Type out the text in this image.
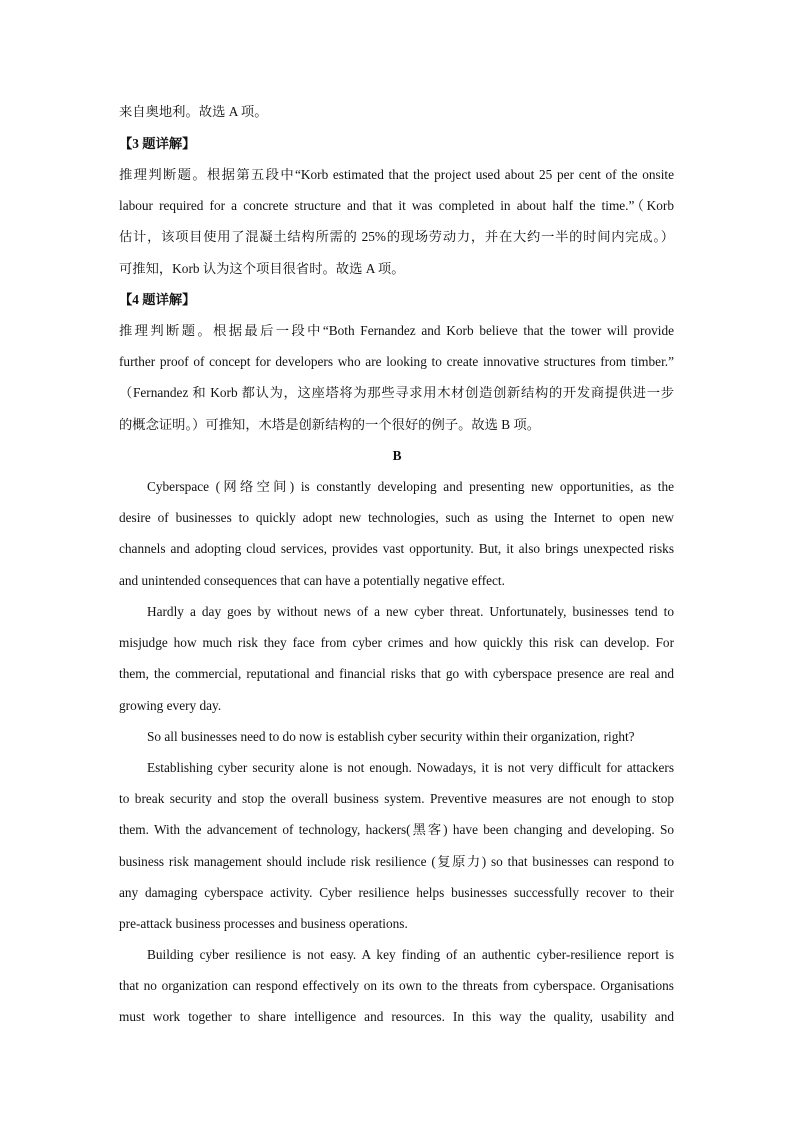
来自奥地利。故选 A 项。
【3 题详解】
推理判断题。根据第五段中“Korb estimated that the project used about 25 per cent of the onsite
labour required for a concrete structure and that it was completed in about half the time.”（Korb
估计，该项目使用了混凝土结构所需的 25%的现场劳动力，并在大约一半的时间内完成。）
可推知，Korb 认为这个项目很省时。故选 A 项。
【4 题详解】
推理判断题。根据最后一段中“Both Fernandez and Korb believe that the tower will provide
further proof of concept for developers who are looking to create innovative structures from timber.”
（Fernandez 和 Korb 都认为，这座塔将为那些寻求用木材创造创新结构的开发商提供进一步
的概念证明。）可推知，木塔是创新结构的一个很好的例子。故选 B 项。
B
Cyberspace (网络空间) is constantly developing and presenting new opportunities, as the
desire of businesses to quickly adopt new technologies, such as using the Internet to open new
channels and adopting cloud services, provides vast opportunity. But, it also brings unexpected risks
and unintended consequences that can have a potentially negative effect.
Hardly a day goes by without news of a new cyber threat. Unfortunately, businesses tend to
misjudge how much risk they face from cyber crimes and how quickly this risk can develop. For
them, the commercial, reputational and financial risks that go with cyberspace presence are real and
growing every day.
So all businesses need to do now is establish cyber security within their organization, right?
Establishing cyber security alone is not enough. Nowadays, it is not very difficult for attackers
to break security and stop the overall business system. Preventive measures are not enough to stop
them. With the advancement of technology, hackers(黑客) have been changing and developing. So
business risk management should include risk resilience (复原力) so that businesses can respond to
any damaging cyberspace activity. Cyber resilience helps businesses successfully recover to their
pre-attack business processes and business operations.
Building cyber resilience is not easy. A key finding of an authentic cyber-resilience report is
that no organization can respond effectively on its own to the threats from cyberspace. Organisations
must work together to share intelligence and resources. In this way the quality, usability and
